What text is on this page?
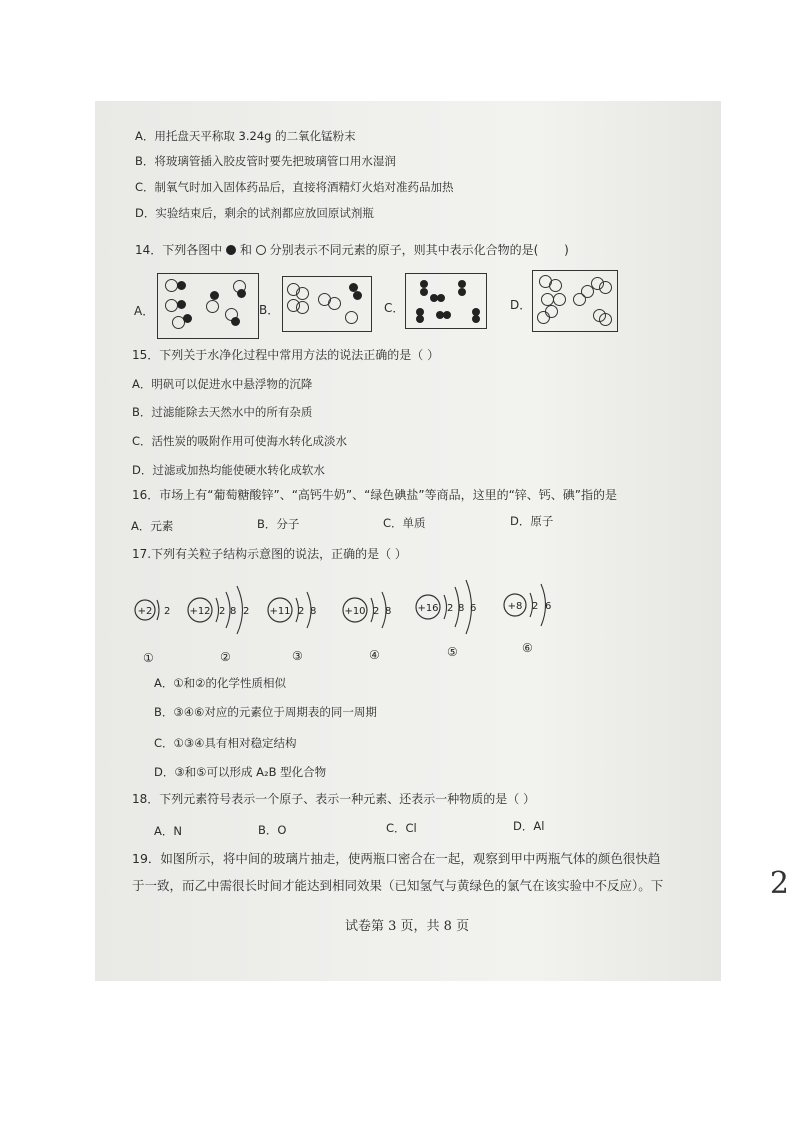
A．用托盘天平称取 3.24g 的二氧化锰粉末
B．将玻璃管插入胶皮管时要先把玻璃管口用水湿润
C．制氧气时加入固体药品后，直接将酒精灯火焰对准药品加热
D．实验结束后，剩余的试剂都应放回原试剂瓶
14．下列各图中 和 分别表示不同元素的原子，则其中表示化合物的是( )
A．	B．	C．	D．
15．下列关于水净化过程中常用方法的说法正确的是（ ）
A．明矾可以促进水中悬浮物的沉降
B．过滤能除去天然水中的所有杂质
C．活性炭的吸附作用可使海水转化成淡水
D．过滤或加热均能使硬水转化成软水
16．市场上有“葡萄糖酸锌”、“高钙牛奶”、“绿色碘盐”等商品，这里的“锌、钙、碘”指的是
A．元素	B．分子	C．单质	D．原子
17.下列有关粒子结构示意图的说法，正确的是（ ）
+2 2 +12 2 8 2 +11 2 8	+10 2 8	+16 2 8 6	+8 2 6
①	②	③	④	⑤	⑥
A．①和②的化学性质相似
B．③④⑥对应的元素位于周期表的同一周期
C．①③④具有相对稳定结构
D．③和⑤可以形成 A₂B 型化合物
18．下列元素符号表示一个原子、表示一种元素、还表示一种物质的是（ ）
A．N	B．O	C．Cl	D．Al
19．如图所示，将中间的玻璃片抽走，使两瓶口密合在一起，观察到甲中两瓶气体的颜色很快趋
于一致，而乙中需很长时间才能达到相同效果（已知氢气与黄绿色的氯气在该实验中不反应）。下
试卷第 3 页，共 8 页
2
